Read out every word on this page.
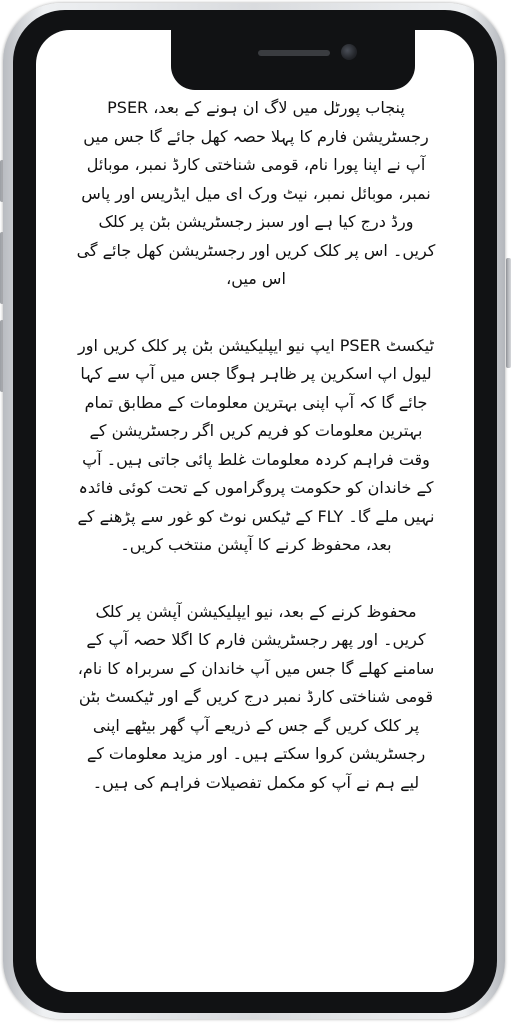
پنجاب پورٹل میں لاگ ان ہونے کے بعد، PSER رجسٹریشن فارم کا پہلا حصہ کھل جائے گا جس میں آپ نے اپنا پورا نام، قومی شناختی کارڈ نمبر، موبائل نمبر، موبائل نمبر، نیٹ ورک ای میل ایڈریس اور پاس ورڈ درج کیا ہے اور سبز رجسٹریشن بٹن پر کلک کریں۔ اس پر کلک کریں اور رجسٹریشن کھل جائے گی اس میں،

ٹیکسٹ PSER ایپ نیو ایپلیکیشن بٹن پر کلک کریں اور لیول اپ اسکرین پر ظاہر ہوگا جس میں آپ سے کہا جائے گا کہ آپ اپنی بہترین معلومات کے مطابق تمام بہترین معلومات کو فریم کریں اگر رجسٹریشن کے وقت فراہم کردہ معلومات غلط پائی جاتی ہیں۔ آپ کے خاندان کو حکومت پروگراموں کے تحت کوئی فائدہ نہیں ملے گا۔ FLY کے ٹیکس نوٹ کو غور سے پڑھنے کے بعد، محفوظ کرنے کا آپشن منتخب کریں۔

محفوظ کرنے کے بعد، نیو ایپلیکیشن آپشن پر کلک کریں۔ اور پھر رجسٹریشن فارم کا اگلا حصہ آپ کے سامنے کھلے گا جس میں آپ خاندان کے سربراہ کا نام، قومی شناختی کارڈ نمبر درج کریں گے اور ٹیکسٹ بٹن پر کلک کریں گے جس کے ذریعے آپ گھر بیٹھے اپنی رجسٹریشن کروا سکتے ہیں۔ اور مزید معلومات کے لیے ہم نے آپ کو مکمل تفصیلات فراہم کی ہیں۔
